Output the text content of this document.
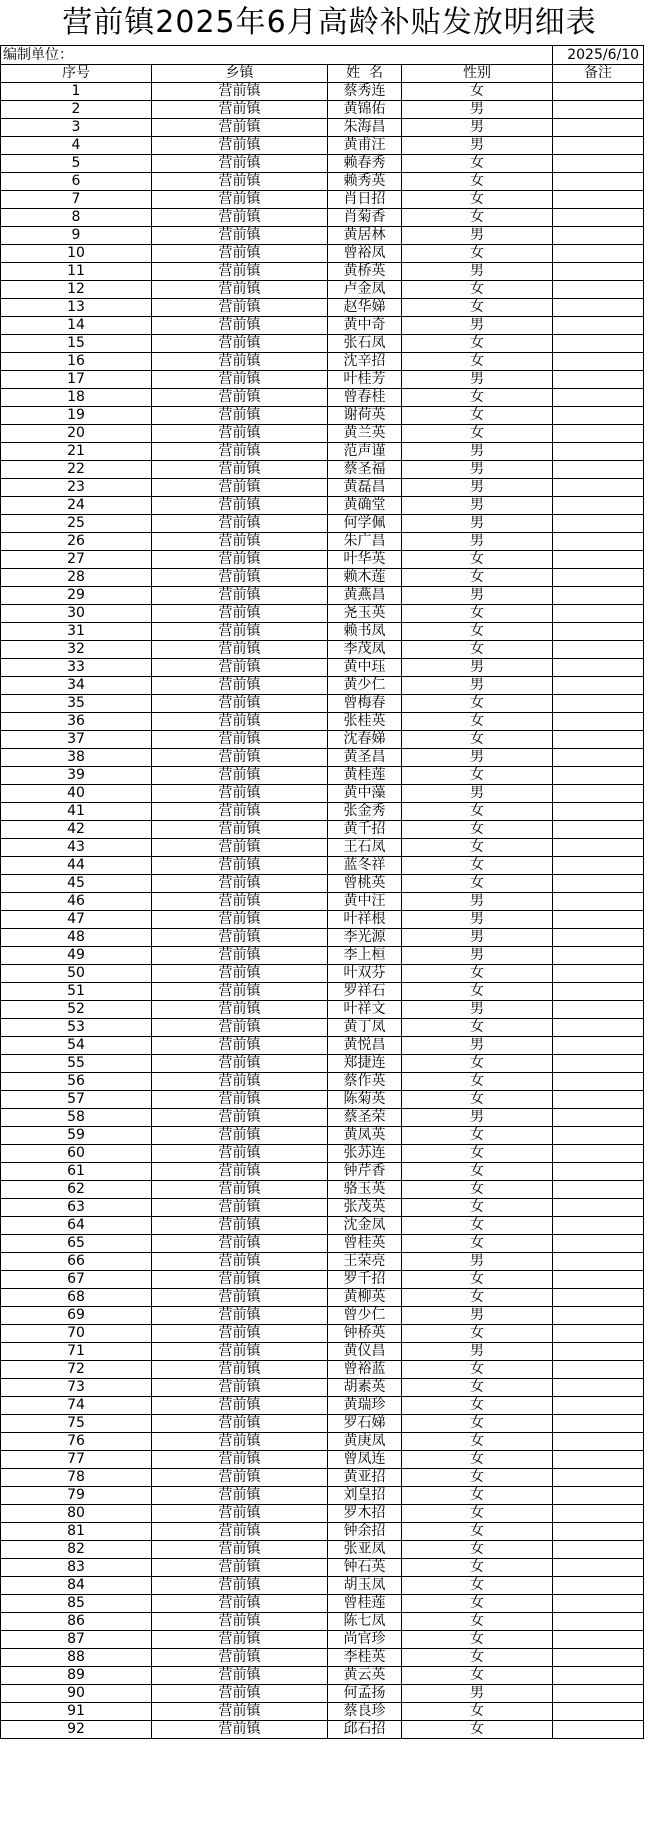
营前镇2025年6月高龄补贴发放明细表
编制单位：				2025/6/10
序号	乡镇	姓  名	性别	备注
1	营前镇	蔡秀连	女	
2	营前镇	黄锦佑	男	
3	营前镇	朱海昌	男	
4	营前镇	黄甫汪	男	
5	营前镇	赖春秀	女	
6	营前镇	赖秀英	女	
7	营前镇	肖日招	女	
8	营前镇	肖菊香	女	
9	营前镇	黄居林	男	
10	营前镇	曾裕凤	女	
11	营前镇	黄桥英	男	
12	营前镇	卢金凤	女	
13	营前镇	赵华娣	女	
14	营前镇	黄中奇	男	
15	营前镇	张石凤	女	
16	营前镇	沈辛招	女	
17	营前镇	叶桂芳	男	
18	营前镇	曾春桂	女	
19	营前镇	谢荷英	女	
20	营前镇	黄兰英	女	
21	营前镇	范声谨	男	
22	营前镇	蔡圣福	男	
23	营前镇	黄磊昌	男	
24	营前镇	黄确堂	男	
25	营前镇	何学佩	男	
26	营前镇	朱广昌	男	
27	营前镇	叶华英	女	
28	营前镇	赖木莲	女	
29	营前镇	黄燕昌	男	
30	营前镇	尧玉英	女	
31	营前镇	赖书凤	女	
32	营前镇	李茂凤	女	
33	营前镇	黄中珏	男	
34	营前镇	黄少仁	男	
35	营前镇	曾梅春	女	
36	营前镇	张桂英	女	
37	营前镇	沈春娣	女	
38	营前镇	黄圣昌	男	
39	营前镇	黄桂莲	女	
40	营前镇	黄中藻	男	
41	营前镇	张金秀	女	
42	营前镇	黄千招	女	
43	营前镇	王石凤	女	
44	营前镇	蓝冬祥	女	
45	营前镇	曾桃英	女	
46	营前镇	黄中汪	男	
47	营前镇	叶祥根	男	
48	营前镇	李光源	男	
49	营前镇	李上桓	男	
50	营前镇	叶双芬	女	
51	营前镇	罗祥石	女	
52	营前镇	叶祥文	男	
53	营前镇	黄丁凤	女	
54	营前镇	黄悦昌	男	
55	营前镇	郑捷连	女	
56	营前镇	蔡作英	女	
57	营前镇	陈菊英	女	
58	营前镇	蔡圣荣	男	
59	营前镇	黄凤英	女	
60	营前镇	张苏连	女	
61	营前镇	钟芹香	女	
62	营前镇	骆玉英	女	
63	营前镇	张茂英	女	
64	营前镇	沈金凤	女	
65	营前镇	曾桂英	女	
66	营前镇	王荣亮	男	
67	营前镇	罗千招	女	
68	营前镇	黄柳英	女	
69	营前镇	曾少仁	男	
70	营前镇	钟桥英	女	
71	营前镇	黄仪昌	男	
72	营前镇	曾裕蓝	女	
73	营前镇	胡素英	女	
74	营前镇	黄瑞珍	女	
75	营前镇	罗石娣	女	
76	营前镇	黄庚凤	女	
77	营前镇	曾凤连	女	
78	营前镇	黄亚招	女	
79	营前镇	刘皇招	女	
80	营前镇	罗木招	女	
81	营前镇	钟余招	女	
82	营前镇	张亚凤	女	
83	营前镇	钟石英	女	
84	营前镇	胡玉凤	女	
85	营前镇	曾桂莲	女	
86	营前镇	陈七凤	女	
87	营前镇	尚官珍	女	
88	营前镇	李桂英	女	
89	营前镇	黄云英	女	
90	营前镇	何孟扬	男	
91	营前镇	蔡良珍	女	
92	营前镇	邱石招	女	
